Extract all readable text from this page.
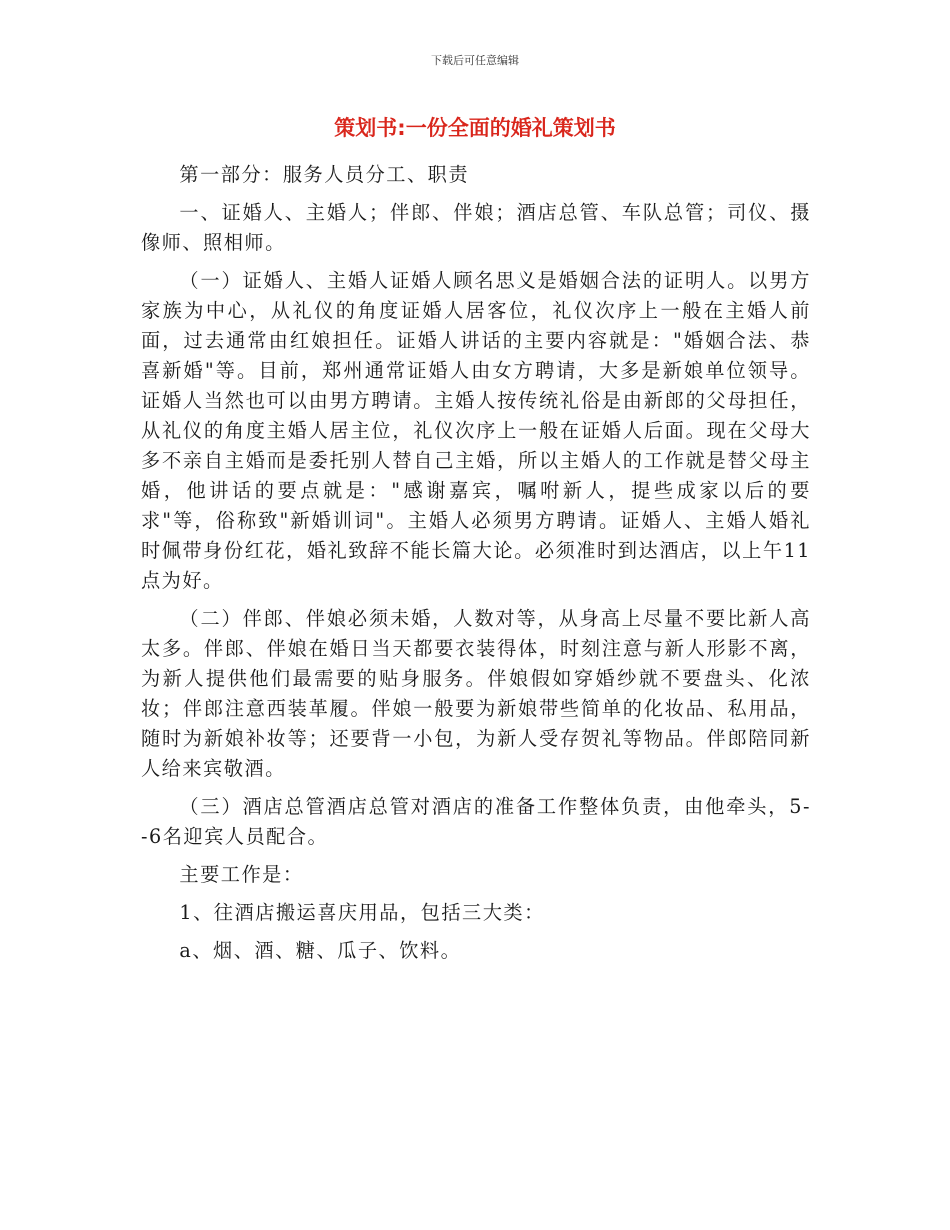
下载后可任意编辑
策划书:一份全面的婚礼策划书

第一部分：服务人员分工、职责

一、证婚人、主婚人；伴郎、伴娘；酒店总管、车队总管；司仪、摄像师、照相师。

（一）证婚人、主婚人证婚人顾名思义是婚姻合法的证明人。以男方家族为中心，从礼仪的角度证婚人居客位，礼仪次序上一般在主婚人前面，过去通常由红娘担任。证婚人讲话的主要内容就是："婚姻合法、恭喜新婚"等。目前，郑州通常证婚人由女方聘请，大多是新娘单位领导。证婚人当然也可以由男方聘请。主婚人按传统礼俗是由新郎的父母担任，从礼仪的角度主婚人居主位，礼仪次序上一般在证婚人后面。现在父母大多不亲自主婚而是委托别人替自己主婚，所以主婚人的工作就是替父母主婚，他讲话的要点就是："感谢嘉宾，嘱咐新人，提些成家以后的要求"等，俗称致"新婚训词"。主婚人必须男方聘请。证婚人、主婚人婚礼时佩带身份红花，婚礼致辞不能长篇大论。必须准时到达酒店，以上午11点为好。

（二）伴郎、伴娘必须未婚，人数对等，从身高上尽量不要比新人高太多。伴郎、伴娘在婚日当天都要衣装得体，时刻注意与新人形影不离，为新人提供他们最需要的贴身服务。伴娘假如穿婚纱就不要盘头、化浓妆；伴郎注意西装革履。伴娘一般要为新娘带些简单的化妆品、私用品，随时为新娘补妆等；还要背一小包，为新人受存贺礼等物品。伴郎陪同新人给来宾敬酒。

（三）酒店总管酒店总管对酒店的准备工作整体负责，由他牵头，5--6名迎宾人员配合。

主要工作是：

1、往酒店搬运喜庆用品，包括三大类：

a、烟、酒、糖、瓜子、饮料。
